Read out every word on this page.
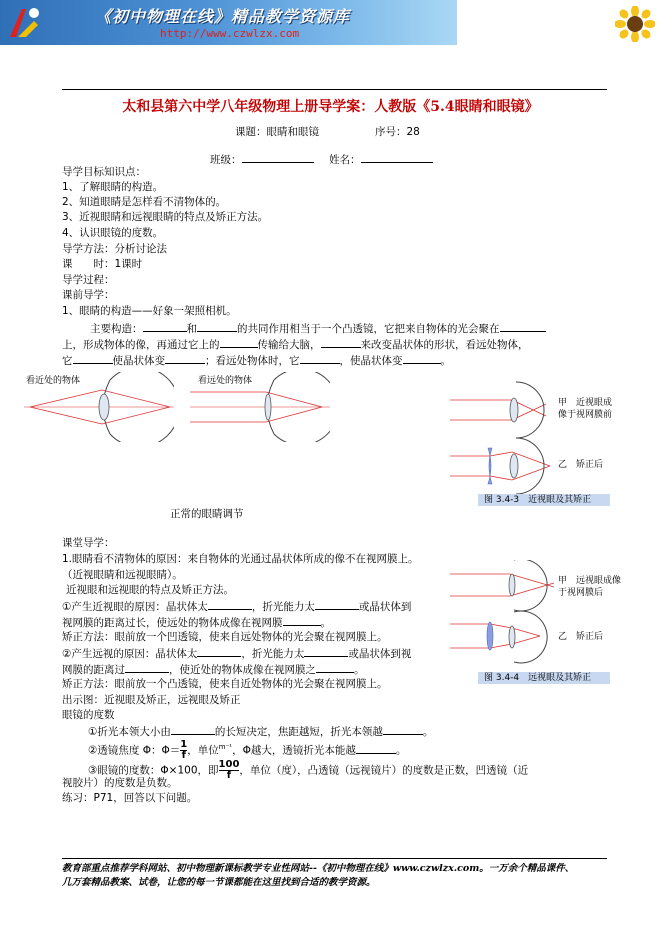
《初中物理在线》精品教学资源库
http://www.czwlzx.com
太和县第六中学八年级物理上册导学案：人教版《5.4眼睛和眼镜》
课题：眼睛和眼镜	序号：28
班级：	姓名：
导学目标知识点：
1、了解眼睛的构造。
2、知道眼睛是怎样看不清物体的。
3、近视眼睛和远视眼睛的特点及矫正方法。
4、认识眼镜的度数。
导学方法：分析讨论法
课　　时：1课时
导学过程：
课前导学：
1、眼睛的构造——好象一架照相机。
主要构造：	和	的共同作用相当于一个凸透镜，它把来自物体的光会聚在
上，形成物体的像，再通过它上的	传输给大脑，	来改变晶状体的形状，看远处物体，
它	使晶状体变	；看远处物体时，它	，使晶状体变	。
看近处的物体	看远处的物体
正常的眼睛调节
甲　近视眼成
像于视网膜前
乙　矫正后
图 3.4-3　近视眼及其矫正
课堂导学：
1.眼睛看不清物体的原因：来自物体的光通过晶状体所成的像不在视网膜上。
（近视眼睛和远视眼睛）。
近视眼和远视眼的特点及矫正方法。
①产生近视眼的原因：晶状体太	，折光能力太	或晶状体到
视网膜的距离过长，使远处的物体成像在视网膜	。
矫正方法：眼前放一个凹透镜，使来自远处物体的光会聚在视网膜上。
②产生远视的原因：晶状体太	，折光能力太	或晶状体到视
网膜的距离过	，使近处的物体成像在视网膜之	。
矫正方法：眼前放一个凸透镜，使来自近处物体的光会聚在视网膜上。
出示图：近视眼及矫正，远视眼及矫正
眼镜的度数
①折光本领大小由	的长短决定，焦距越短，折光本领越	。
②透镜焦度 Φ：$\Phi= \frac{1}{f}$ ，单位$^{m^{-1}}$，Φ越大，透镜折光本能越	。
③眼镜的度数：Φ×100，即 $\frac{100}{f}$ ，单位（度），凸透镜（远视镜片）的度数是正数，凹透镜（近
视胶片）的度数是负数。
练习：P71，回答以下问题。
甲　远视眼成像
于视网膜后
乙　矫正后
图 3.4-4　远视眼及其矫正
教育部重点推荐学科网站、初中物理新课标教学专业性网站--《初中物理在线》www.czwlzx.com。一万余个精品课件、
几万套精品教案、试卷，让您的每一节课都能在这里找到合适的教学资源。
